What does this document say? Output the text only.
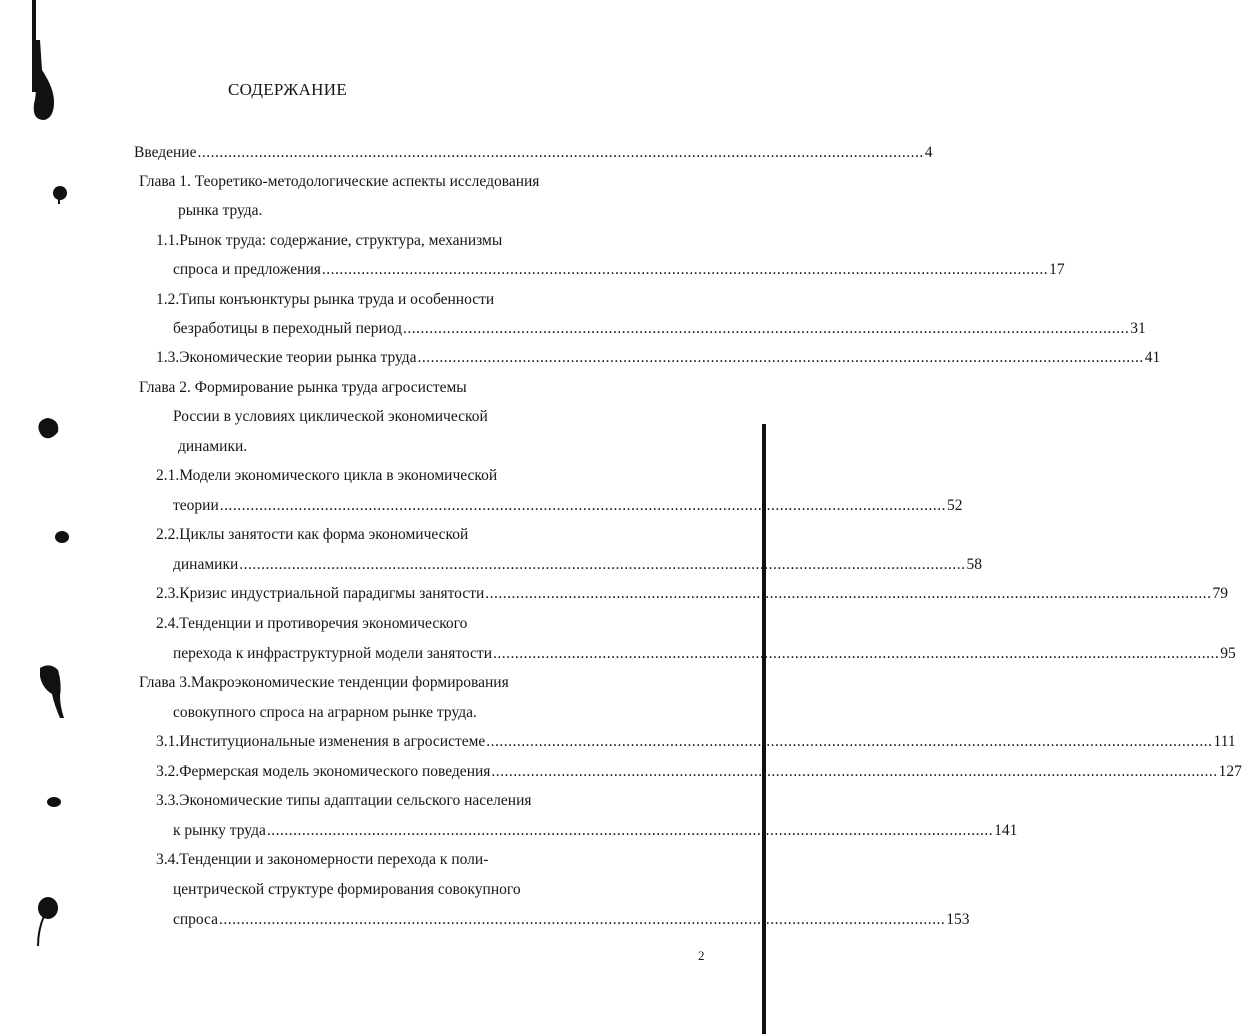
СОДЕРЖАНИЕ
Введение ...................................................................................................................................................................... 4
Глава 1. Теоретико-методологические аспекты исследования
рынка труда.
1.1.Рынок труда: содержание, структура, механизмы
спроса и предложения ...................................................................................................................................................................... 17
1.2.Типы конъюнктуры рынка труда и особенности
безработицы в переходный период ...................................................................................................................................................................... 31
1.3.Экономические теории рынка труда ...................................................................................................................................................................... 41
Глава 2. Формирование рынка труда агросистемы
России в условиях циклической экономической
динамики.
2.1.Модели экономического цикла в экономической
теории ...................................................................................................................................................................... 52
2.2.Циклы занятости как форма экономической
динамики ...................................................................................................................................................................... 58
2.3.Кризис индустриальной парадигмы занятости ...................................................................................................................................................................... 79
2.4.Тенденции и противоречия экономического
перехода к инфраструктурной модели занятости ...................................................................................................................................................................... 95
Глава 3.Макроэкономические тенденции формирования
совокупного спроса на аграрном рынке труда.
3.1.Институциональные изменения в агросистеме ...................................................................................................................................................................... 111
3.2.Фермерская модель экономического поведения ...................................................................................................................................................................... 127
3.3.Экономические типы адаптации сельского населения
к рынку труда ...................................................................................................................................................................... 141
3.4.Тенденции и закономерности перехода к поли-
центрической структуре формирования совокупного
спроса ...................................................................................................................................................................... 153
2
